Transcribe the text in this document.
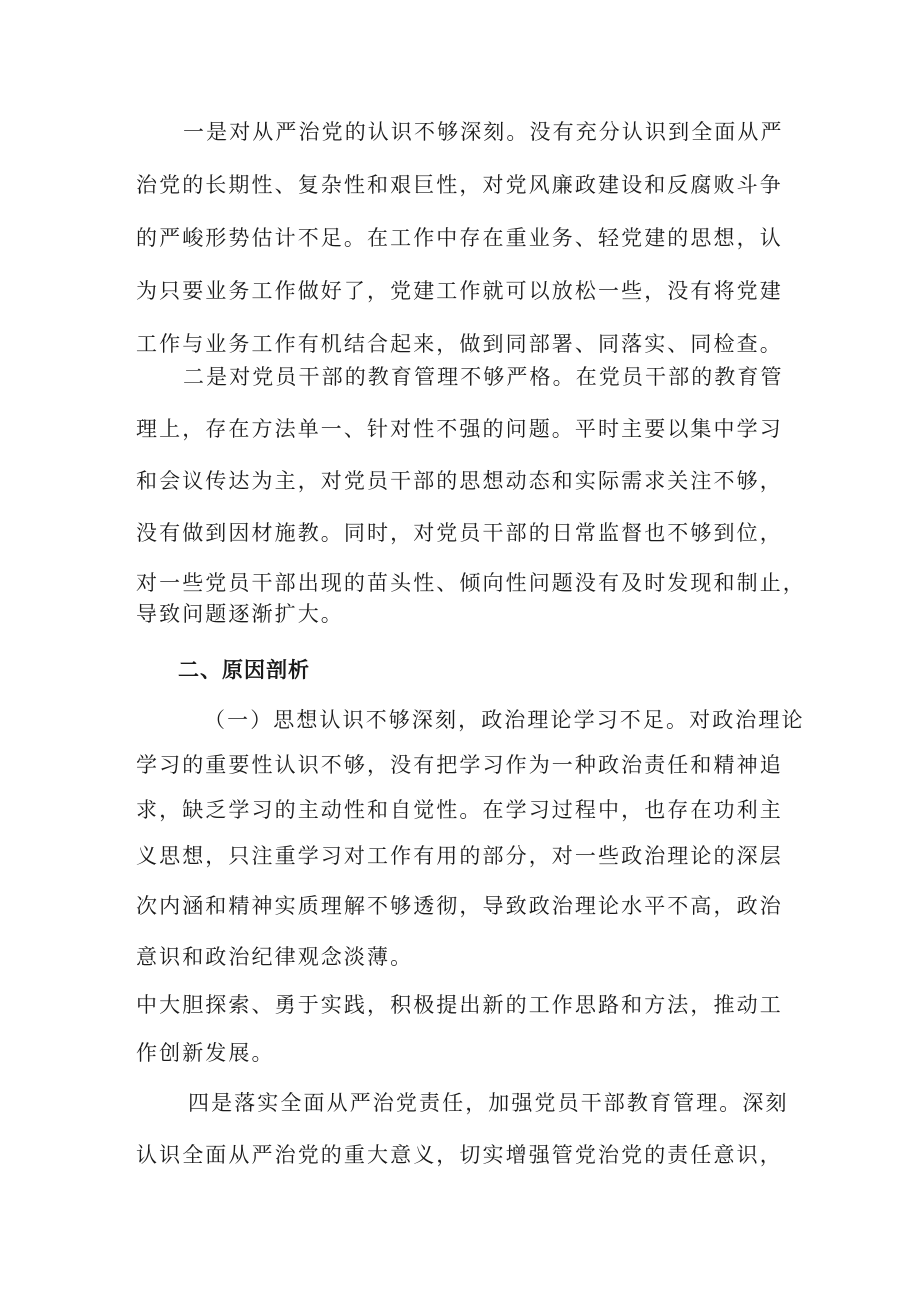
一是对从严治党的认识不够深刻。没有充分认识到全面从严
治党的长期性、复杂性和艰巨性，对党风廉政建设和反腐败斗争
的严峻形势估计不足。在工作中存在重业务、轻党建的思想，认
为只要业务工作做好了，党建工作就可以放松一些，没有将党建
工作与业务工作有机结合起来，做到同部署、同落实、同检查。
二是对党员干部的教育管理不够严格。在党员干部的教育管
理上，存在方法单一、针对性不强的问题。平时主要以集中学习
和会议传达为主，对党员干部的思想动态和实际需求关注不够，
没有做到因材施教。同时，对党员干部的日常监督也不够到位，
对一些党员干部出现的苗头性、倾向性问题没有及时发现和制止，
导致问题逐渐扩大。
二、原因剖析
（一）思想认识不够深刻，政治理论学习不足。对政治理论
学习的重要性认识不够，没有把学习作为一种政治责任和精神追
求，缺乏学习的主动性和自觉性。在学习过程中，也存在功利主
义思想，只注重学习对工作有用的部分，对一些政治理论的深层
次内涵和精神实质理解不够透彻，导致政治理论水平不高，政治
意识和政治纪律观念淡薄。
中大胆探索、勇于实践，积极提出新的工作思路和方法，推动工
作创新发展。
四是落实全面从严治党责任，加强党员干部教育管理。深刻
认识全面从严治党的重大意义，切实增强管党治党的责任意识，
